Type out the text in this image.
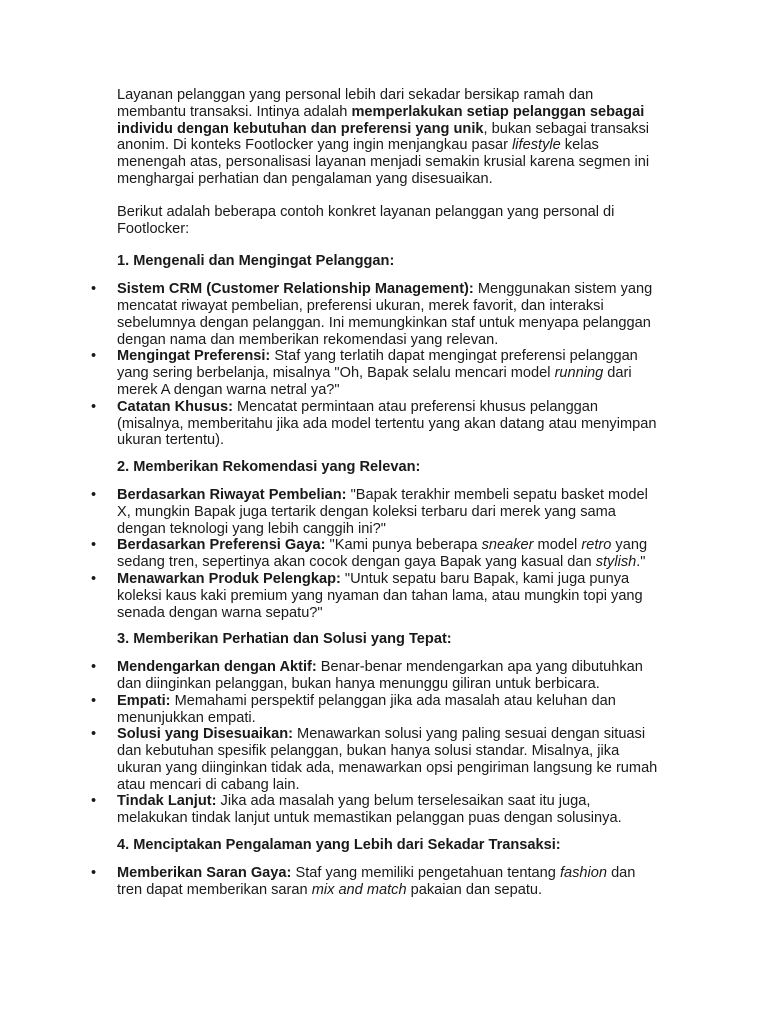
Layanan pelanggan yang personal lebih dari sekadar bersikap ramah dan membantu transaksi. Intinya adalah memperlakukan setiap pelanggan sebagai individu dengan kebutuhan dan preferensi yang unik, bukan sebagai transaksi anonim. Di konteks Footlocker yang ingin menjangkau pasar lifestyle kelas menengah atas, personalisasi layanan menjadi semakin krusial karena segmen ini menghargai perhatian dan pengalaman yang disesuaikan.

Berikut adalah beberapa contoh konkret layanan pelanggan yang personal di Footlocker:

1. Mengenali dan Mengingat Pelanggan:

• Sistem CRM (Customer Relationship Management): Menggunakan sistem yang mencatat riwayat pembelian, preferensi ukuran, merek favorit, dan interaksi sebelumnya dengan pelanggan. Ini memungkinkan staf untuk menyapa pelanggan dengan nama dan memberikan rekomendasi yang relevan.
• Mengingat Preferensi: Staf yang terlatih dapat mengingat preferensi pelanggan yang sering berbelanja, misalnya "Oh, Bapak selalu mencari model running dari merek A dengan warna netral ya?"
• Catatan Khusus: Mencatat permintaan atau preferensi khusus pelanggan (misalnya, memberitahu jika ada model tertentu yang akan datang atau menyimpan ukuran tertentu).

2. Memberikan Rekomendasi yang Relevan:

• Berdasarkan Riwayat Pembelian: "Bapak terakhir membeli sepatu basket model X, mungkin Bapak juga tertarik dengan koleksi terbaru dari merek yang sama dengan teknologi yang lebih canggih ini?"
• Berdasarkan Preferensi Gaya: "Kami punya beberapa sneaker model retro yang sedang tren, sepertinya akan cocok dengan gaya Bapak yang kasual dan stylish."
• Menawarkan Produk Pelengkap: "Untuk sepatu baru Bapak, kami juga punya koleksi kaus kaki premium yang nyaman dan tahan lama, atau mungkin topi yang senada dengan warna sepatu?"

3. Memberikan Perhatian dan Solusi yang Tepat:

• Mendengarkan dengan Aktif: Benar-benar mendengarkan apa yang dibutuhkan dan diinginkan pelanggan, bukan hanya menunggu giliran untuk berbicara.
• Empati: Memahami perspektif pelanggan jika ada masalah atau keluhan dan menunjukkan empati.
• Solusi yang Disesuaikan: Menawarkan solusi yang paling sesuai dengan situasi dan kebutuhan spesifik pelanggan, bukan hanya solusi standar. Misalnya, jika ukuran yang diinginkan tidak ada, menawarkan opsi pengiriman langsung ke rumah atau mencari di cabang lain.
• Tindak Lanjut: Jika ada masalah yang belum terselesaikan saat itu juga, melakukan tindak lanjut untuk memastikan pelanggan puas dengan solusinya.

4. Menciptakan Pengalaman yang Lebih dari Sekadar Transaksi:

• Memberikan Saran Gaya: Staf yang memiliki pengetahuan tentang fashion dan tren dapat memberikan saran mix and match pakaian dan sepatu.
